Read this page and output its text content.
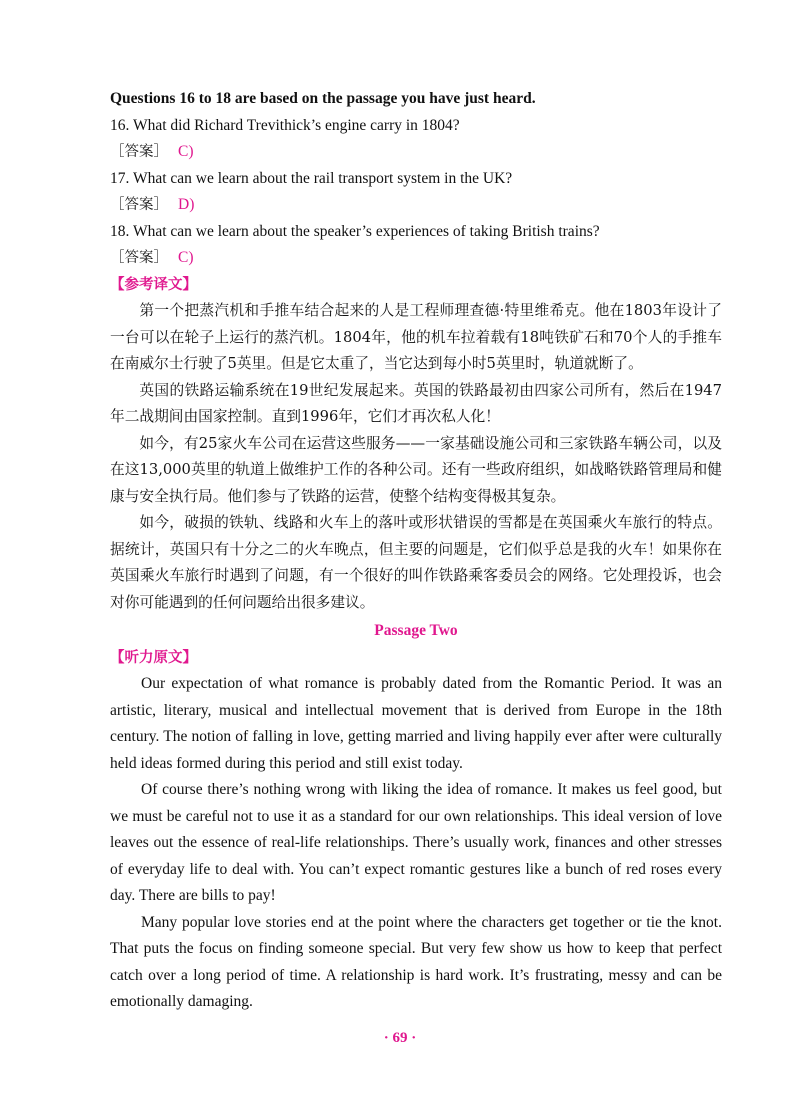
Questions 16 to 18 are based on the passage you have just heard.
16. What did Richard Trevithick’s engine carry in 1804?
［答案］ C)
17. What can we learn about the rail transport system in the UK?
［答案］ D)
18. What can we learn about the speaker’s experiences of taking British trains?
［答案］ C)
【参考译文】

第一个把蒸汽机和手推车结合起来的人是工程师理查德·特里维希克。他在1803年设计了一台可以在轮子上运行的蒸汽机。1804年，他的机车拉着载有18吨铁矿石和70个人的手推车在南威尔士行驶了5英里。但是它太重了，当它达到每小时5英里时，轨道就断了。

英国的铁路运输系统在19世纪发展起来。英国的铁路最初由四家公司所有，然后在1947年二战期间由国家控制。直到1996年，它们才再次私人化！

如今，有25家火车公司在运营这些服务——一家基础设施公司和三家铁路车辆公司，以及在这13,000英里的轨道上做维护工作的各种公司。还有一些政府组织，如战略铁路管理局和健康与安全执行局。他们参与了铁路的运营，使整个结构变得极其复杂。

如今，破损的铁轨、线路和火车上的落叶或形状错误的雪都是在英国乘火车旅行的特点。据统计，英国只有十分之二的火车晚点，但主要的问题是，它们似乎总是我的火车！如果你在英国乘火车旅行时遇到了问题，有一个很好的叫作铁路乘客委员会的网络。它处理投诉，也会对你可能遇到的任何问题给出很多建议。

Passage Two
【听力原文】

Our expectation of what romance is probably dated from the Romantic Period. It was an artistic, literary, musical and intellectual movement that is derived from Europe in the 18th century. The notion of falling in love, getting married and living happily ever after were culturally held ideas formed during this period and still exist today.

Of course there’s nothing wrong with liking the idea of romance. It makes us feel good, but we must be careful not to use it as a standard for our own relationships. This ideal version of love leaves out the essence of real-life relationships. There’s usually work, finances and other stresses of everyday life to deal with. You can’t expect romantic gestures like a bunch of red roses every day. There are bills to pay!

Many popular love stories end at the point where the characters get together or tie the knot. That puts the focus on finding someone special. But very few show us how to keep that perfect catch over a long period of time. A relationship is hard work. It’s frustrating, messy and can be emotionally damaging.

· 69 ·
